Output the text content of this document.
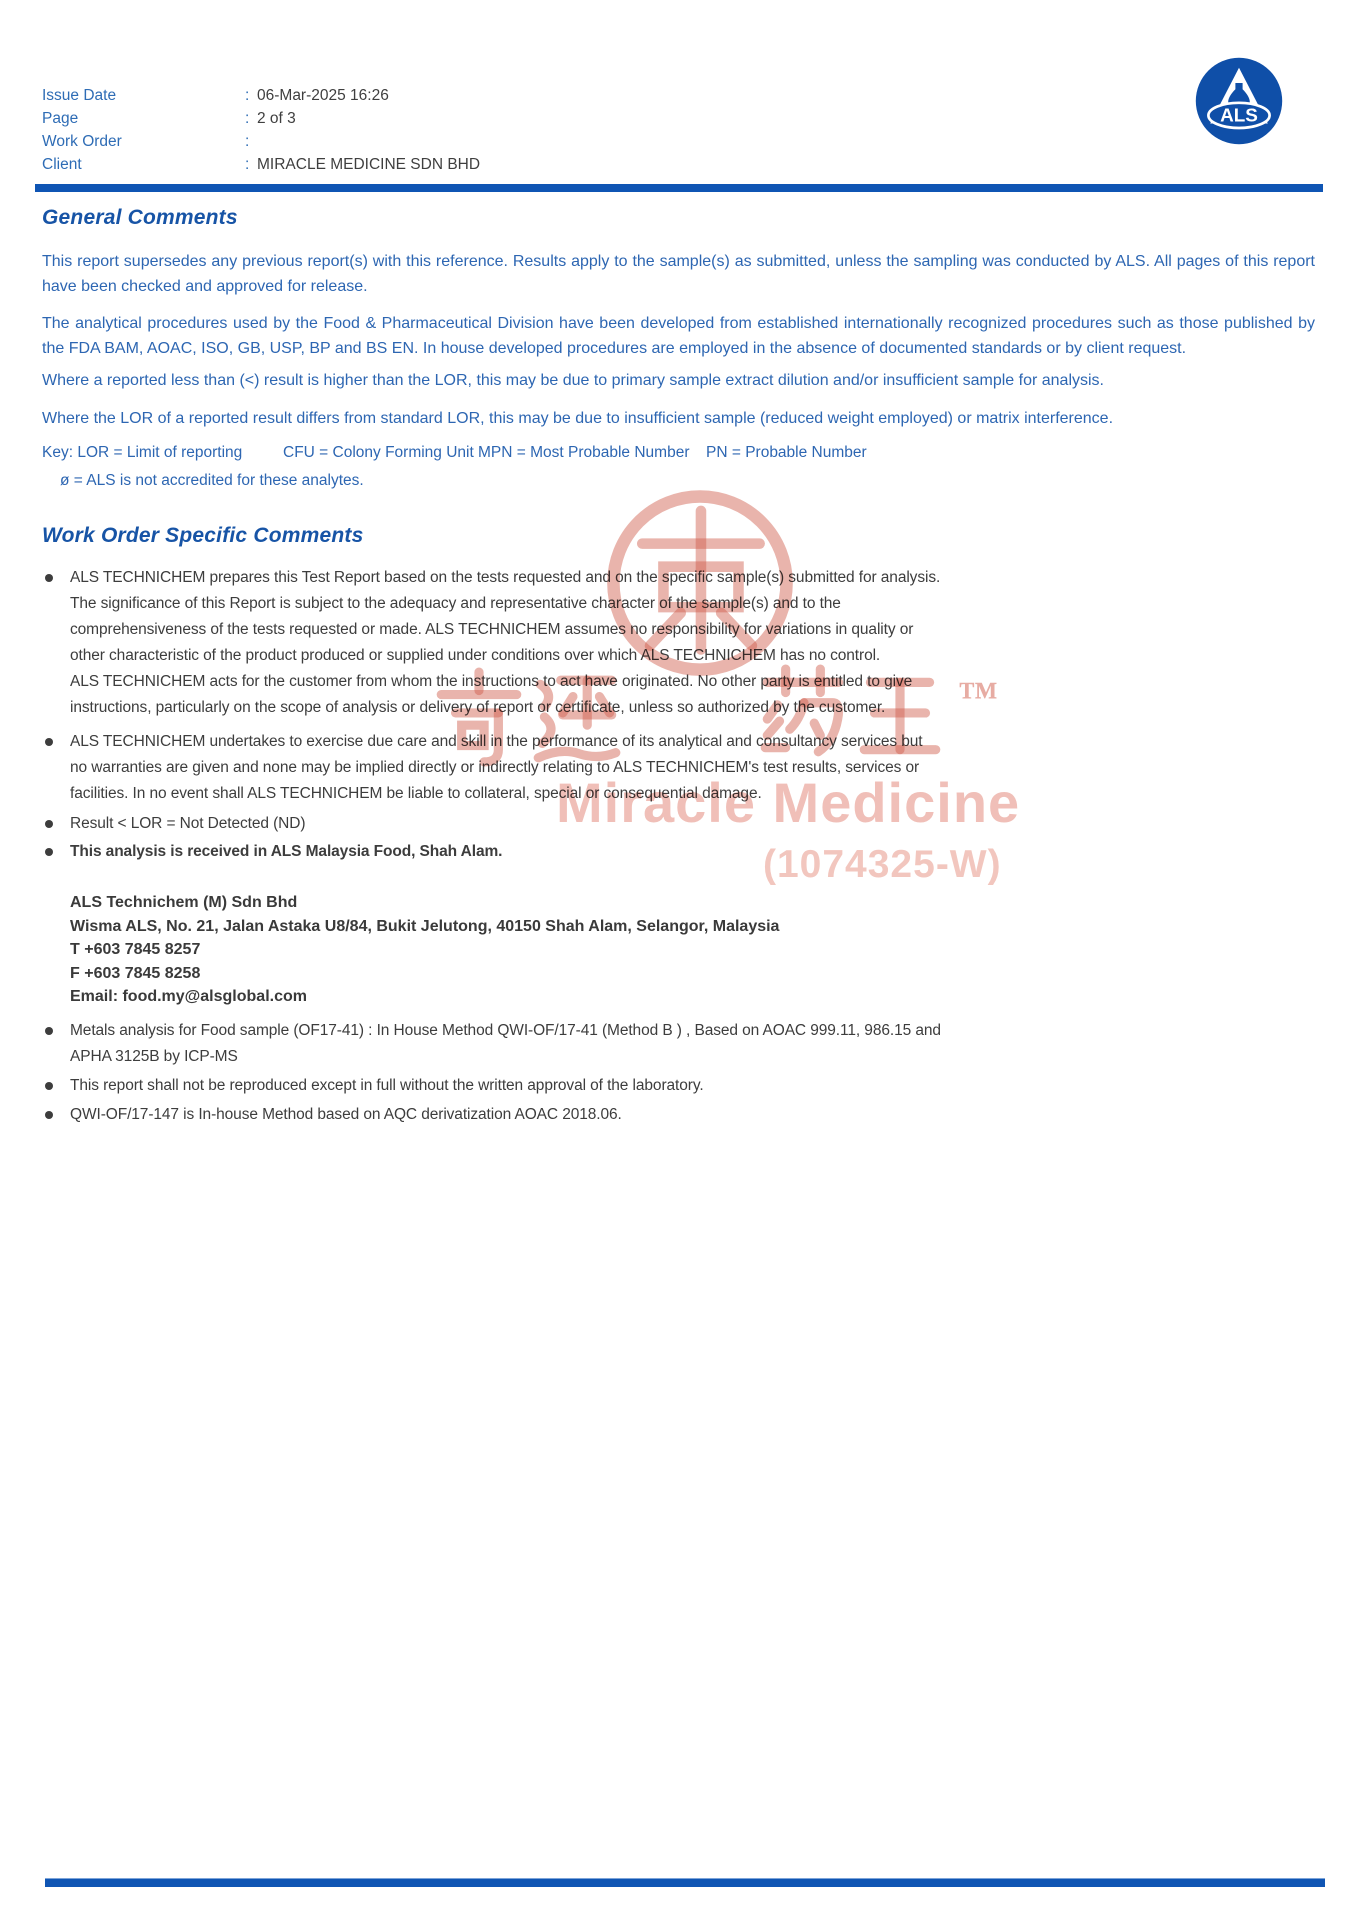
Issue Date	: 06-Mar-2025 16:26
Page	: 2 of 3
Work Order	:
Client	: MIRACLE MEDICINE SDN BHD
ALS
General Comments

This report supersedes any previous report(s) with this reference. Results apply to the sample(s) as submitted, unless the sampling was conducted by ALS. All pages of this report have been checked and approved for release.

The analytical procedures used by the Food & Pharmaceutical Division have been developed from established internationally recognized procedures such as those published by the FDA BAM, AOAC, ISO, GB, USP, BP and BS EN. In house developed procedures are employed in the absence of documented standards or by client request.

Where a reported less than (<) result is higher than the LOR, this may be due to primary sample extract dilution and/or insufficient sample for analysis.

Where the LOR of a reported result differs from standard LOR, this may be due to insufficient sample (reduced weight employed) or matrix interference.

Key: LOR = Limit of reporting	CFU = Colony Forming Unit MPN = Most Probable Number PN = Probable Number
ø = ALS is not accredited for these analytes.
Work Order Specific Comments
ALS TECHNICHEM prepares this Test Report based on the tests requested and on the specific sample(s) submitted for analysis. The significance of this Report is subject to the adequacy and representative character of the sample(s) and to the comprehensiveness of the tests requested or made. ALS TECHNICHEM assumes no responsibility for variations in quality or other characteristic of the product produced or supplied under conditions over which ALS TECHNICHEM has no control.
ALS TECHNICHEM acts for the customer from whom the instructions to act have originated. No other party is entitled to give instructions, particularly on the scope of analysis or delivery of report or certificate, unless so authorized by the customer.
ALS TECHNICHEM undertakes to exercise due care and skill in the performance of its analytical and consultancy services but no warranties are given and none may be implied directly or indirectly relating to ALS TECHNICHEM's test results, services or facilities. In no event shall ALS TECHNICHEM be liable to collateral, special or consequential damage.
Result < LOR = Not Detected (ND)
This analysis is received in ALS Malaysia Food, Shah Alam.
ALS Technichem (M) Sdn Bhd
Wisma ALS, No. 21, Jalan Astaka U8/84, Bukit Jelutong, 40150 Shah Alam, Selangor, Malaysia
T +603 7845 8257
F +603 7845 8258
Email: food.my@alsglobal.com
Metals analysis for Food sample (OF17-41) : In House Method QWI-OF/17-41 (Method B ) , Based on AOAC 999.11, 986.15 and APHA 3125B by ICP-MS
This report shall not be reproduced except in full without the written approval of the laboratory.
QWI-OF/17-147 is In-house Method based on AQC derivatization AOAC 2018.06.
™
Miracle Medicine
(1074325-W)
